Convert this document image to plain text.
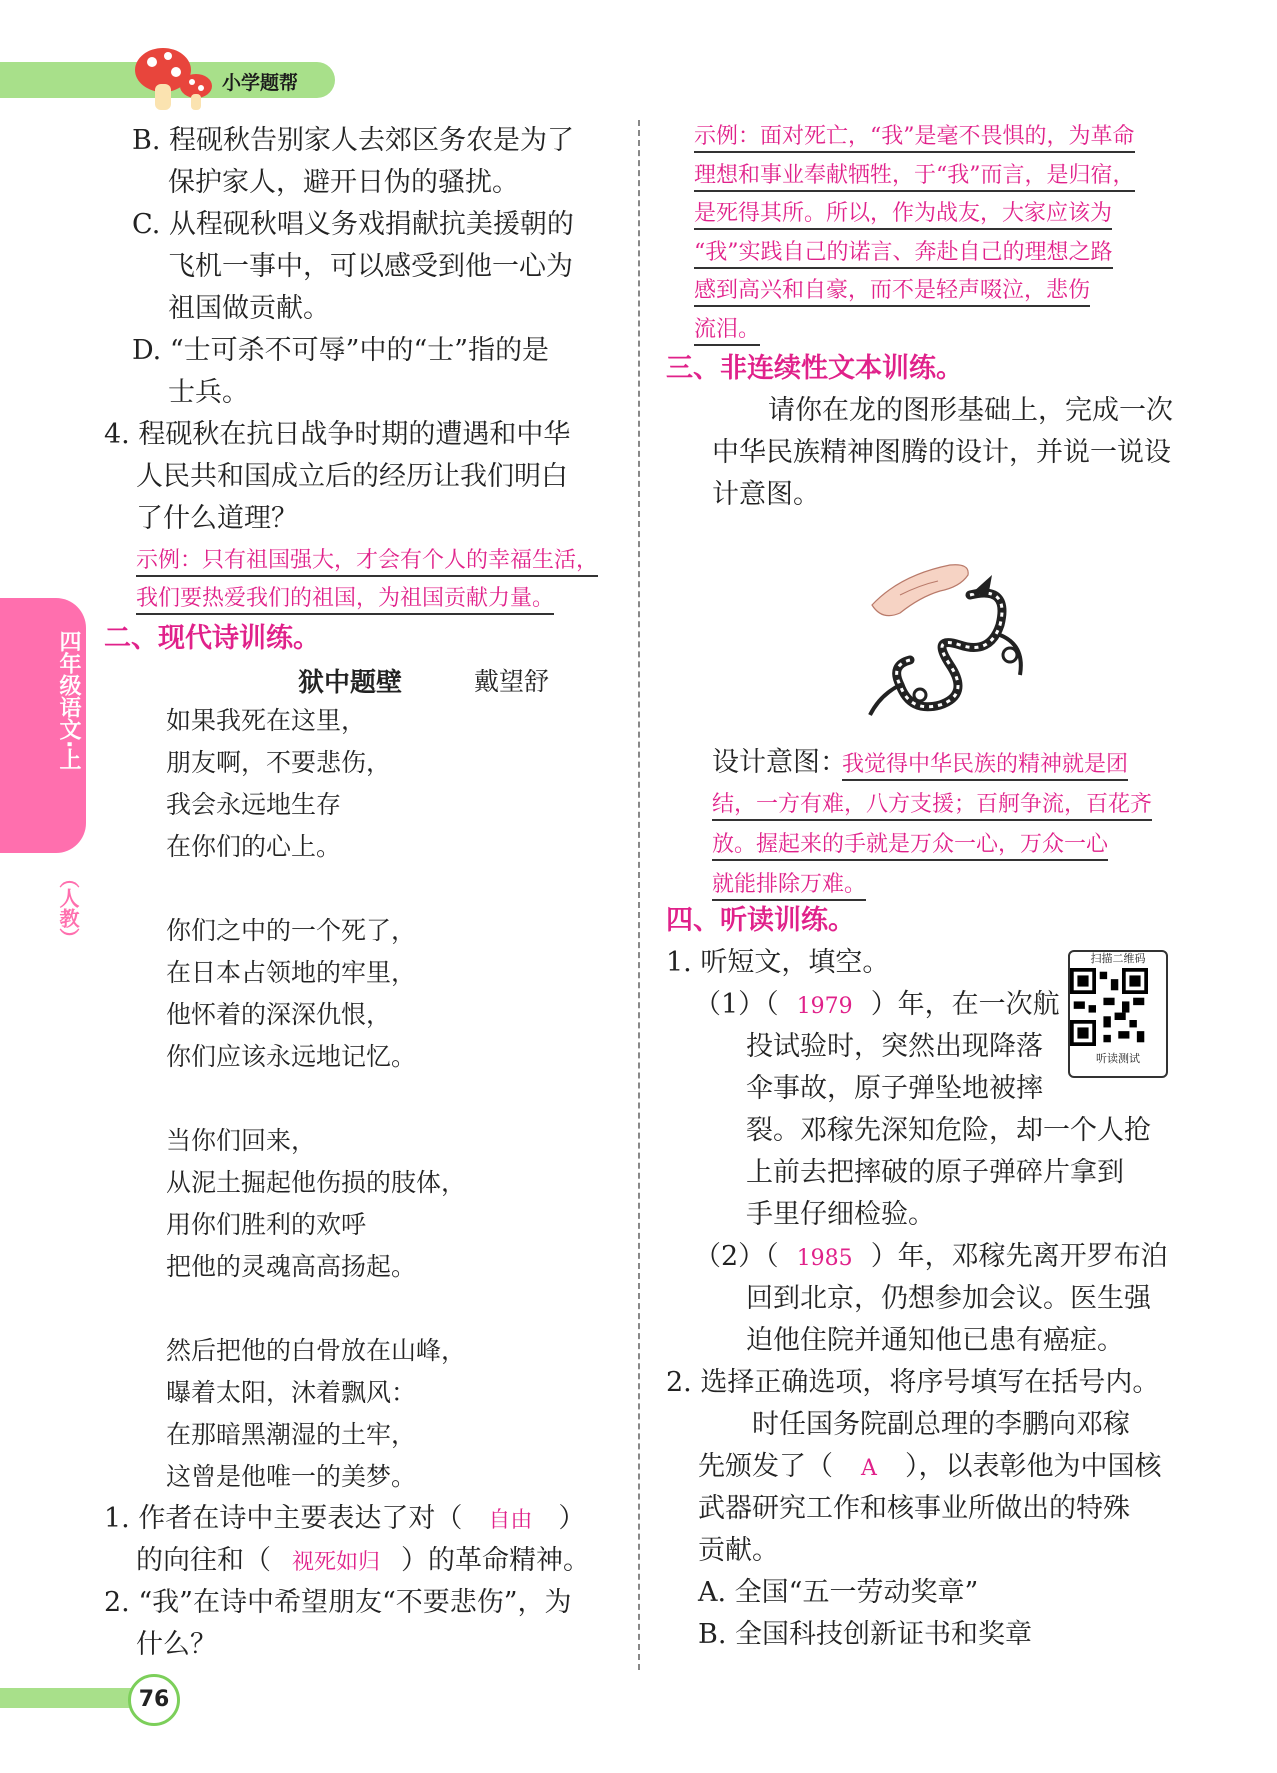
小学题帮
四年级语文·上
（人教）
B. 程砚秋告别家人去郊区务农是为了
保护家人，避开日伪的骚扰。
C. 从程砚秋唱义务戏捐献抗美援朝的
飞机一事中，可以感受到他一心为
祖国做贡献。
D. “士可杀不可辱”中的“士”指的是
士兵。
4. 程砚秋在抗日战争时期的遭遇和中华
人民共和国成立后的经历让我们明白
了什么道理？
示例：只有祖国强大，才会有个人的幸福生活，
我们要热爱我们的祖国，为祖国贡献力量。
二、现代诗训练。
狱中题壁	戴望舒
如果我死在这里，
朋友啊，不要悲伤，
我会永远地生存
在你们的心上。
你们之中的一个死了，
在日本占领地的牢里，
他怀着的深深仇恨，
你们应该永远地记忆。
当你们回来，
从泥土掘起他伤损的肢体，
用你们胜利的欢呼
把他的灵魂高高扬起。
然后把他的白骨放在山峰，
曝着太阳，沐着飘风：
在那暗黑潮湿的土牢，
这曾是他唯一的美梦。
1. 作者在诗中主要表达了对（ 自由 ）
的向往和（ 视死如归 ）的革命精神。
2. “我”在诗中希望朋友“不要悲伤”，为
什么？
示例：面对死亡，“我”是毫不畏惧的，为革命
理想和事业奉献牺牲，于“我”而言，是归宿，
是死得其所。所以，作为战友，大家应该为
“我”实践自己的诺言、奔赴自己的理想之路
感到高兴和自豪，而不是轻声啜泣，悲伤
流泪。
三、非连续性文本训练。
请你在龙的图形基础上，完成一次
中华民族精神图腾的设计，并说一说设
计意图。
设计意图：
我觉得中华民族的精神就是团
结，一方有难，八方支援；百舸争流，百花齐
放。握起来的手就是万众一心，万众一心
就能排除万难。
四、听读训练。
1. 听短文，填空。	扫描二维码
听读测试
（1）（ 1979 ）年，在一次航
投试验时，突然出现降落
伞事故，原子弹坠地被摔
裂。邓稼先深知危险，却一个人抢
上前去把摔破的原子弹碎片拿到
手里仔细检验。
（2）（ 1985 ）年，邓稼先离开罗布泊
回到北京，仍想参加会议。医生强
迫他住院并通知他已患有癌症。
2. 选择正确选项，将序号填写在括号内。
时任国务院副总理的李鹏向邓稼
先颁发了（ A ），以表彰他为中国核
武器研究工作和核事业所做出的特殊
贡献。
A. 全国“五一劳动奖章”
B. 全国科技创新证书和奖章
76
